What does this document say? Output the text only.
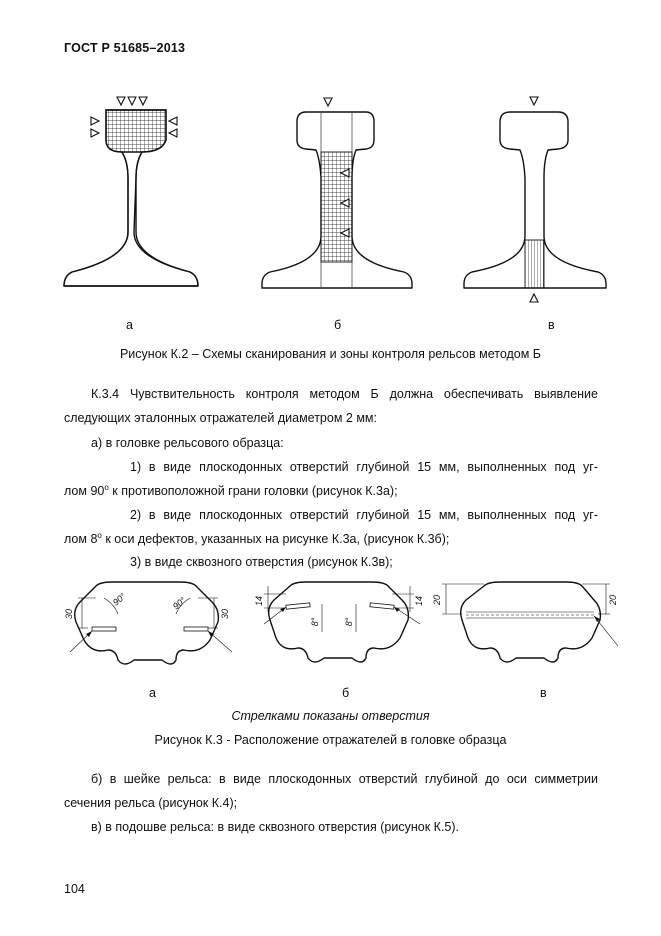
ГОСТ Р 51685–2013
а	б	в
Рисунок К.2 – Схемы сканирования и зоны контроля рельсов методом Б
К.3.4 Чувствительность контроля методом Б должна обеспечивать выявление
следующих эталонных отражателей диаметром 2 мм:
а) в головке рельсового образца:
1) в виде плоскодонных отверстий глубиной 15 мм, выполненных под уг-
лом $90^о$ к противоположной грани головки (рисунок К.3а);
2) в виде плоскодонных отверстий глубиной 15 мм, выполненных под уг-
лом $8^о$ к оси дефектов, указанных на рисунке К.3а, (рисунок К.3б);
3) в виде сквозного отверстия (рисунок К.3в);
30	30
90°	90°	14	14
8°	8°
20	20
а	б	в
Стрелками показаны отверстия
Рисунок К.3 - Расположение отражателей в головке образца
б) в шейке рельса: в виде плоскодонных отверстий глубиной до оси симметрии
сечения рельса (рисунок К.4);
в) в подошве рельса: в виде сквозного отверстия (рисунок К.5).
104
